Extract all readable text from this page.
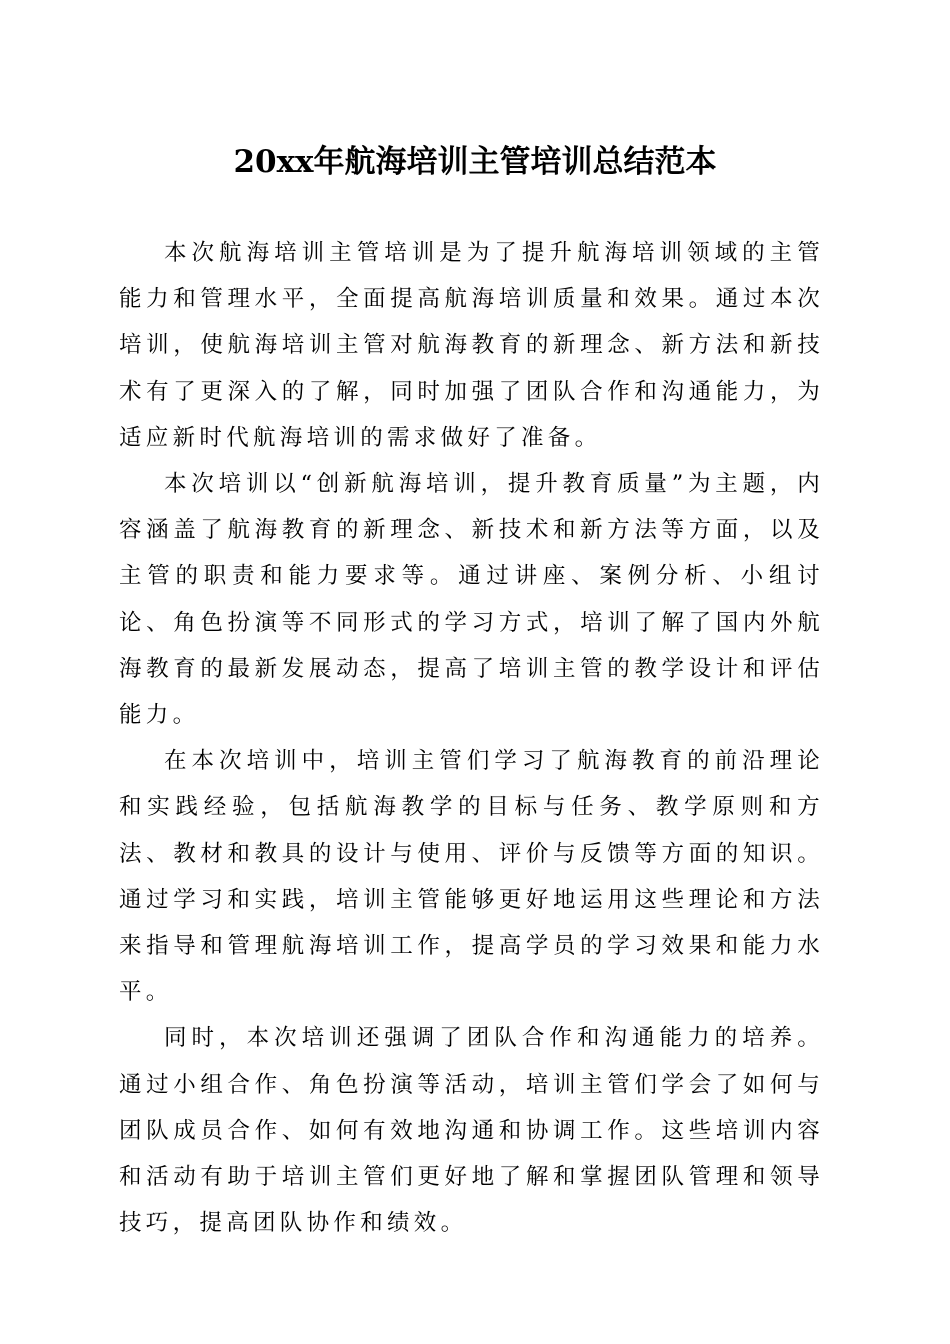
20xx年航海培训主管培训总结范本

本次航海培训主管培训是为了提升航海培训领域的主管能力和管理水平，全面提高航海培训质量和效果。通过本次培训，使航海培训主管对航海教育的新理念、新方法和新技术有了更深入的了解，同时加强了团队合作和沟通能力，为适应新时代航海培训的需求做好了准备。

本次培训以“创新航海培训，提升教育质量”为主题，内容涵盖了航海教育的新理念、新技术和新方法等方面，以及主管的职责和能力要求等。通过讲座、案例分析、小组讨论、角色扮演等不同形式的学习方式，培训了解了国内外航海教育的最新发展动态，提高了培训主管的教学设计和评估能力。

在本次培训中，培训主管们学习了航海教育的前沿理论和实践经验，包括航海教学的目标与任务、教学原则和方法、教材和教具的设计与使用、评价与反馈等方面的知识。通过学习和实践，培训主管能够更好地运用这些理论和方法来指导和管理航海培训工作，提高学员的学习效果和能力水平。

同时，本次培训还强调了团队合作和沟通能力的培养。通过小组合作、角色扮演等活动，培训主管们学会了如何与团队成员合作、如何有效地沟通和协调工作。这些培训内容和活动有助于培训主管们更好地了解和掌握团队管理和领导技巧，提高团队协作和绩效。
